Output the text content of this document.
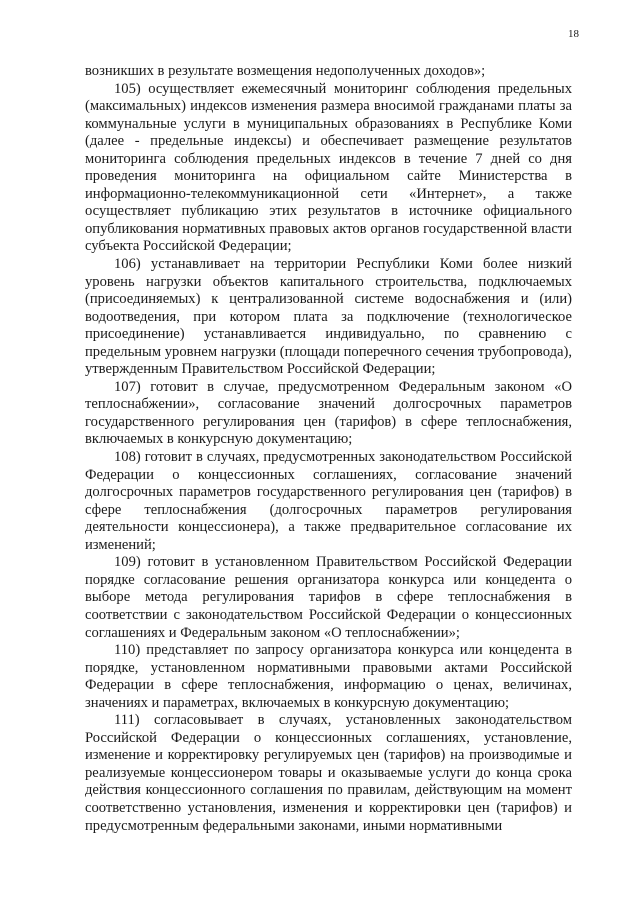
18

возникших в результате возмещения недополученных доходов»;

105) осуществляет ежемесячный мониторинг соблюдения предельных (максимальных) индексов изменения размера вносимой гражданами платы за коммунальные услуги в муниципальных образованиях в Республике Коми (далее - предельные индексы) и обеспечивает размещение результатов мониторинга соблюдения предельных индексов в течение 7 дней со дня проведения мониторинга на официальном сайте Министерства в информационно-телекоммуникационной сети «Интернет», а также осуществляет публикацию этих результатов в источнике официального опубликования нормативных правовых актов органов государственной власти субъекта Российской Федерации;

106) устанавливает на территории Республики Коми более низкий уровень нагрузки объектов капитального строительства, подключаемых (присоединяемых) к централизованной системе водоснабжения и (или) водоотведения, при котором плата за подключение (технологическое присоединение) устанавливается индивидуально, по сравнению с предельным уровнем нагрузки (площади поперечного сечения трубопровода), утвержденным Правительством Российской Федерации;

107) готовит в случае, предусмотренном Федеральным законом «О теплоснабжении», согласование значений долгосрочных параметров государственного регулирования цен (тарифов) в сфере теплоснабжения, включаемых в конкурсную документацию;

108) готовит в случаях, предусмотренных законодательством Российской Федерации о концессионных соглашениях, согласование значений долгосрочных параметров государственного регулирования цен (тарифов) в сфере теплоснабжения (долгосрочных параметров регулирования деятельности концессионера), а также предварительное согласование их изменений;

109) готовит в установленном Правительством Российской Федерации порядке согласование решения организатора конкурса или концедента о выборе метода регулирования тарифов в сфере теплоснабжения в соответствии с законодательством Российской Федерации о концессионных соглашениях и Федеральным законом «О теплоснабжении»;

110) представляет по запросу организатора конкурса или концедента в порядке, установленном нормативными правовыми актами Российской Федерации в сфере теплоснабжения, информацию о ценах, величинах, значениях и параметрах, включаемых в конкурсную документацию;

111) согласовывает в случаях, установленных законодательством Российской Федерации о концессионных соглашениях, установление, изменение и корректировку регулируемых цен (тарифов) на производимые и реализуемые концессионером товары и оказываемые услуги до конца срока действия концессионного соглашения по правилам, действующим на момент соответственно установления, изменения и корректировки цен (тарифов) и предусмотренным федеральными законами, иными нормативными
